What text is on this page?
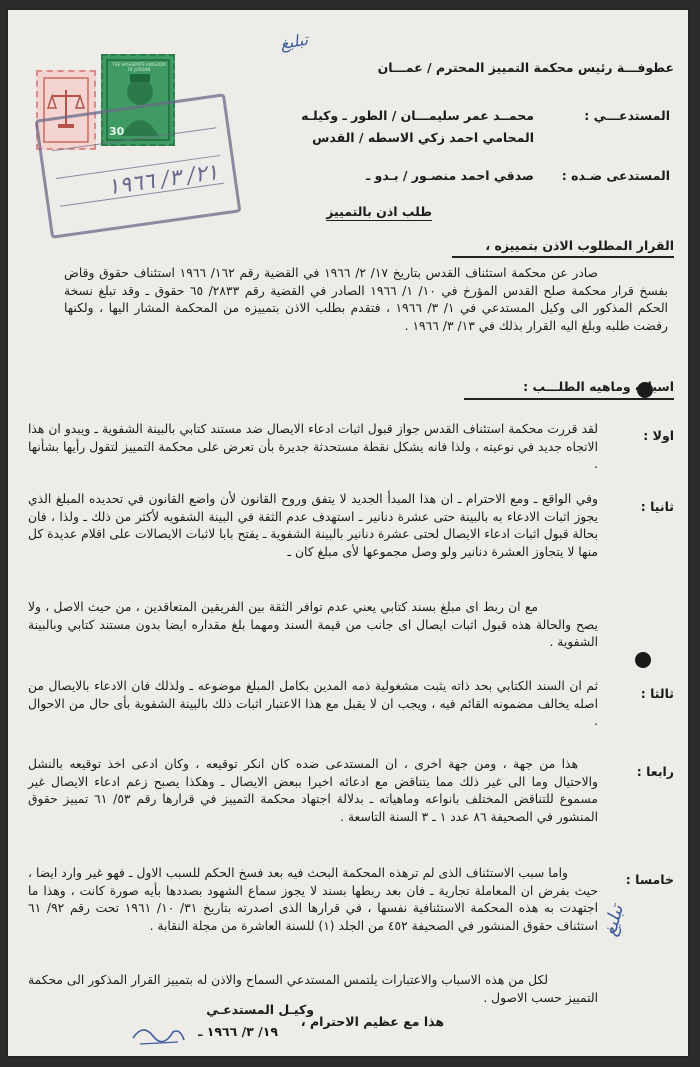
THE HASHEMITE KINGDOM OF JORDAN
30
٢١/ ٣/ ١٩٦٦
تبليغ
تبليغ
عطوفـــة رئيس محكمة التمييز المحترم / عمـــان
المستدعـــي :
محمــد عمر سليمـــان / الطور ـ وكيلـه
المحامي احمد زكي الاسطه / القدس
المستدعى ضـده :
صدقي احمد منصـور / بـدو ـ
طلب اذن بالتمييز
القرار المطلوب الاذن بتمييزه ،
صادر عن محكمة استئناف القدس بتاريخ ١٧/ ٢/ ١٩٦٦ في القضية رقم ١٦٢/ ١٩٦٦ استئناف حقوق وقاض بفسخ قرار محكمة صلح القدس المؤرخ في ١٠/ ١/ ١٩٦٦ الصادر في القضية رقم ٢٨٣٣/ ٦٥ حقوق ـ وقد تبلغ نسخة الحكم المذكور الى وكيل المستدعي في ١/ ٣/ ١٩٦٦ ، فتقدم بطلب الاذن بتمييزه من المحكمة المشار اليها ، ولكنها رفضت طلبه وبلغ اليه القرار بذلك في ١٣/ ٣/ ١٩٦٦ .
اسباب وماهيه الطلـــب :
اولا :
لقد قررت محكمة استئناف القدس جواز قبول اثبات ادعاء الايصال ضد مستند كتابي بالبينة الشفوية ـ ويبدو ان هذا الاتجاه جديد في نوعيته ، ولذا فانه يشكل نقطة مستحدثة جديرة بأن تعرض على محكمة التمييز لتقول رأيها بشأنها .
ثانيا :
وفي الواقع ـ ومع الاحترام ـ ان هذا المبدأ الجديد لا يتفق وروح القانون لأن واضع القانون في تحديده المبلغ الذي يجوز اثبات الادعاء به بالبينة حتى عشرة دنانير ـ استهدف عدم الثقة في البينة الشفويه لأكثر من ذلك ـ ولذا ، فان بحالة قبول اثبات ادعاء الايصال لحتى عشرة دنانير بالبينة الشفوية ـ يفتح بابا لاثبات الايصالات على اقلام عديدة كل منها لا يتجاوز العشرة دنانير ولو وصل مجموعها لأى مبلغ كان ـ
مع ان ربط اى مبلغ بسند كتابي يعني عدم توافر الثقة بين الفريقين المتعاقدين ، من حيث الاصل ، ولا يصح والحالة هذه قبول اثبات ايصال اى جانب من قيمة السند ومهما بلغ مقداره ايضا بدون مستند كتابي وبالبينة الشفوية .
ثالثا :
ثم ان السند الكتابي بحد ذاته يثبت مشغولية ذمه المدين بكامل المبلغ موضوعه ـ ولذلك فان الادعاء بالايصال من اصله يخالف مضمونه القائم فيه ، ويجب ان لا يقبل مع هذا الاعتبار اثبات ذلك بالبينة الشفوية بأى حال من الاحوال .
رابعا :
هذا من جهة ، ومن جهة اخرى ، ان المستدعى ضده كان انكر توقيعه ، وكان ادعى اخذ توقيعه بالنشل والاحتيال وما الى غير ذلك مما يتناقض مع ادعائه اخيرا ببعض الايصال ـ وهكذا يصبح زعم ادعاء الايصال غير مسموع للتناقض المختلف بانواعه وماهياته ـ بدلالة اجتهاد محكمة التمييز في قرارها رقم ٥٣/ ٦١ تمييز حقوق المنشور في الصحيفة ٨٦ عدد ١ ـ ٣ السنة التاسعة .
خامسا :
واما سبب الاستئناف الذى لم ترهذه المحكمة البحث فيه بعد فسخ الحكم للسبب الاول ـ فهو غير وارد ايضا ، حيث بفرض ان المعاملة تجارية ـ فان بعد ربطها بسند لا يجوز سماع الشهود بصددها بأيه صورة كانت ، وهذا ما اجتهدت به هذه المحكمة الاستئنافية نفسها ، في قرارها الذى اصدرته بتاريخ ٣١/ ١٠/ ١٩٦١ تحت رقم ٩٢/ ٦١ استئناف حقوق المنشور في الصحيفة ٤٥٢ من الجلد (١) للسنة العاشرة من مجلة النقابة .
لكل من هذه الاسباب والاعتبارات يلتمس المستدعي السماح والاذن له بتمييز القرار المذكور الى محكمة التمييز حسب الاصول .
وكيـل المستدعـي
هذا مع عظيم الاحترام ،
١٩/ ٣/ ١٩٦٦ ـ
